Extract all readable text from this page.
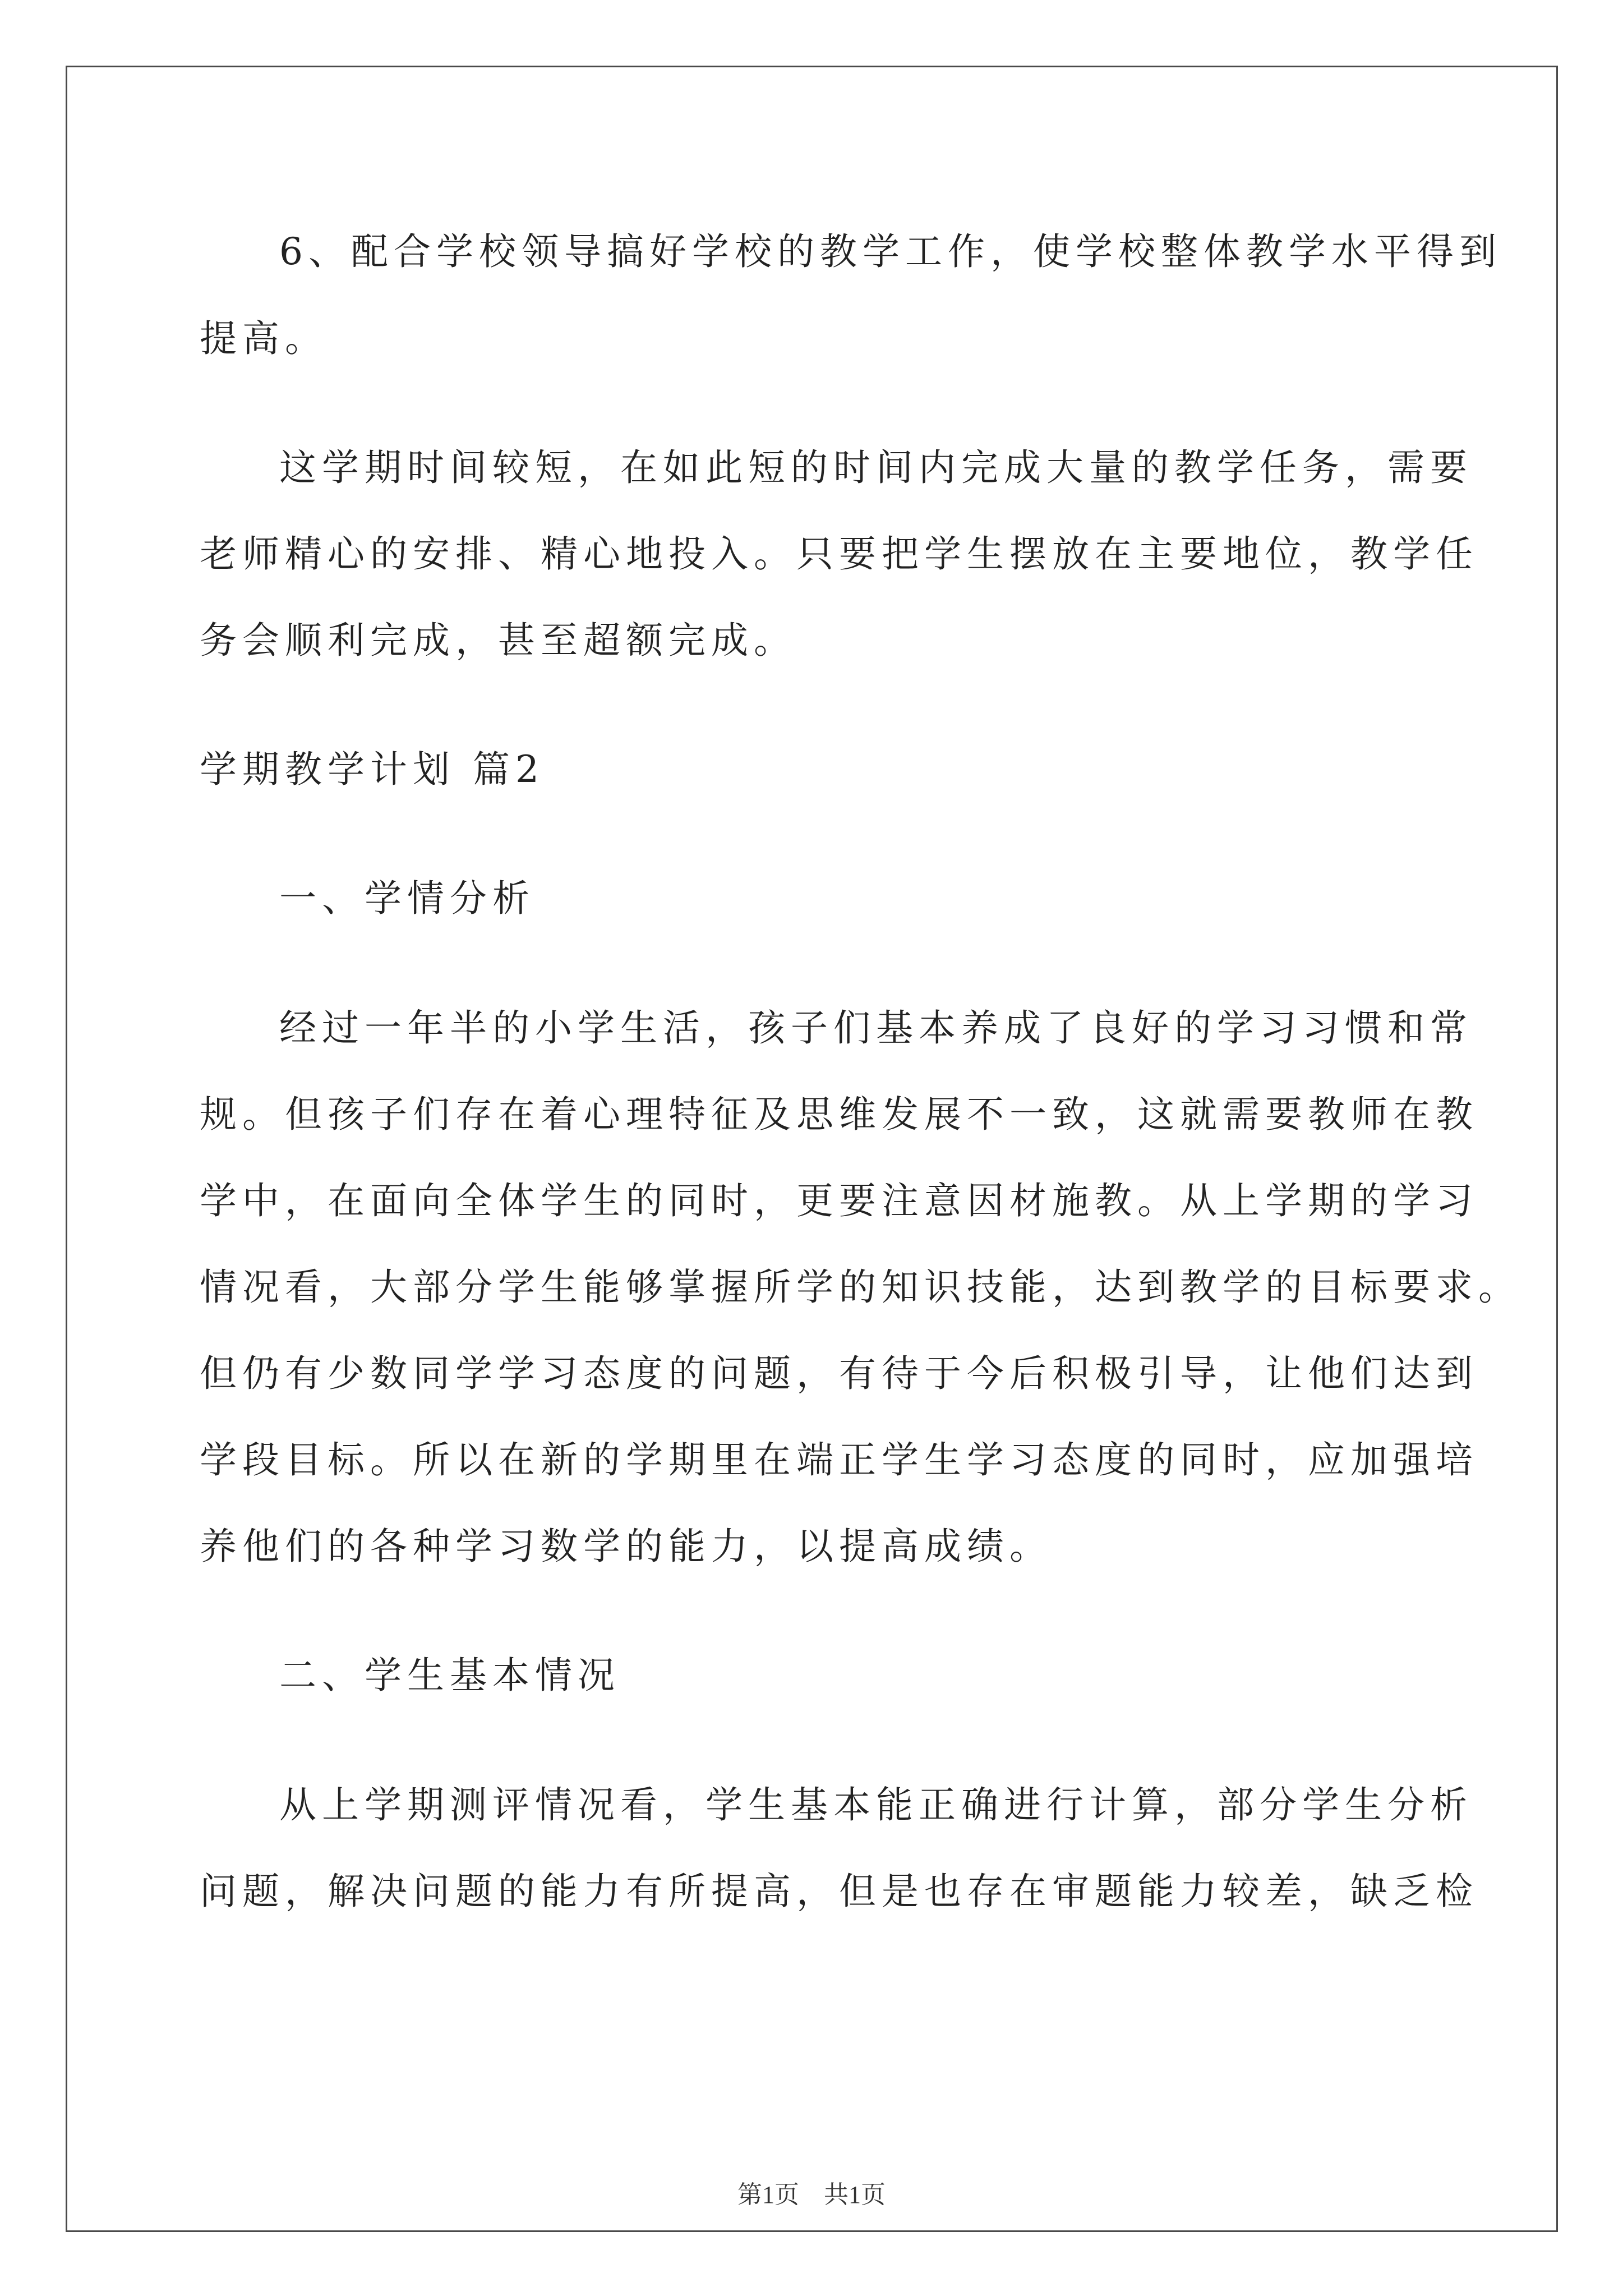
6、配合学校领导搞好学校的教学工作，使学校整体教学水平得到
提高。
这学期时间较短，在如此短的时间内完成大量的教学任务，需要
老师精心的安排、精心地投入。只要把学生摆放在主要地位，教学任
务会顺利完成，甚至超额完成。
学期教学计划 篇2
一、学情分析
经过一年半的小学生活，孩子们基本养成了良好的学习习惯和常
规。但孩子们存在着心理特征及思维发展不一致，这就需要教师在教
学中，在面向全体学生的同时，更要注意因材施教。从上学期的学习
情况看，大部分学生能够掌握所学的知识技能，达到教学的目标要求。
但仍有少数同学学习态度的问题，有待于今后积极引导，让他们达到
学段目标。所以在新的学期里在端正学生学习态度的同时，应加强培
养他们的各种学习数学的能力，以提高成绩。
二、学生基本情况
从上学期测评情况看，学生基本能正确进行计算，部分学生分析
问题，解决问题的能力有所提高，但是也存在审题能力较差，缺乏检
第1页　共1页
